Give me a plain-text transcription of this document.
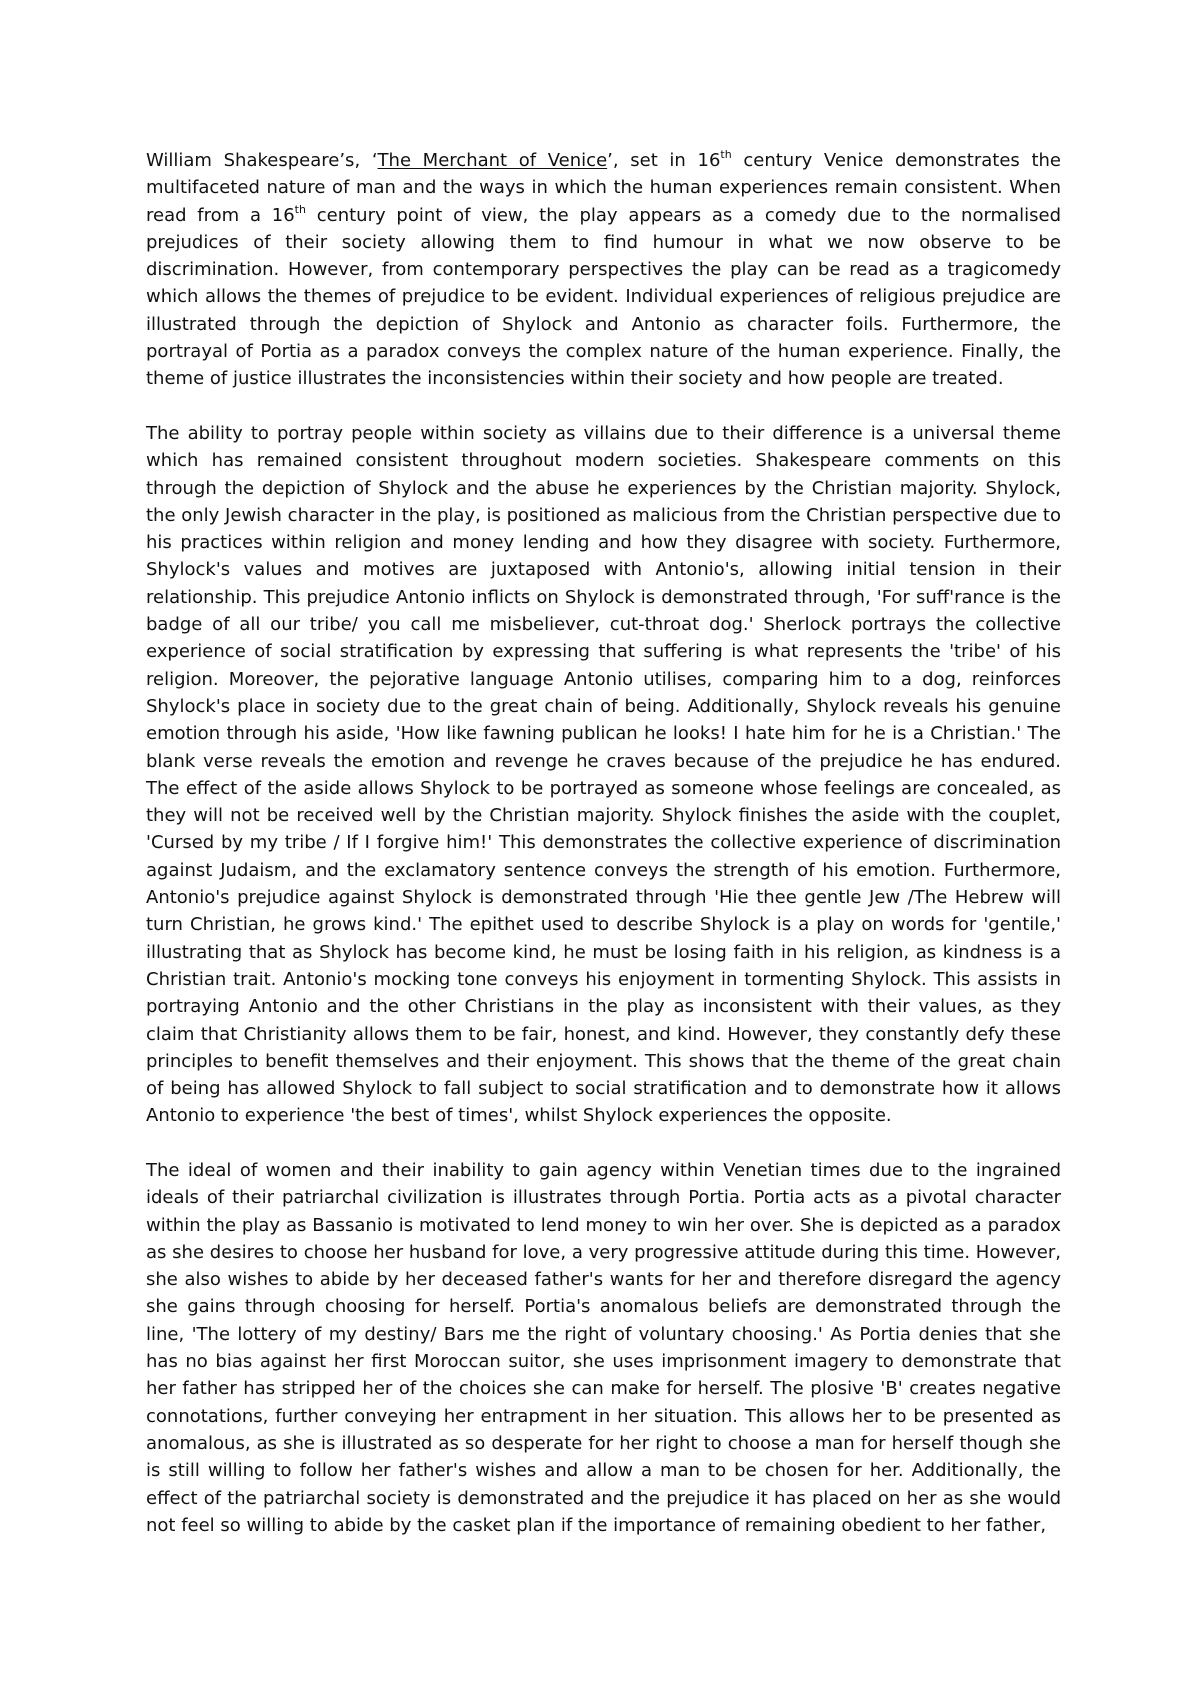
William Shakespeare’s, ‘The Merchant of Venice’, set in 16th century Venice demonstrates the multifaceted nature of man and the ways in which the human experiences remain consistent. When read from a 16th century point of view, the play appears as a comedy due to the normalised prejudices of their society allowing them to find humour in what we now observe to be discrimination. However, from contemporary perspectives the play can be read as a tragicomedy which allows the themes of prejudice to be evident. Individual experiences of religious prejudice are illustrated through the depiction of Shylock and Antonio as character foils. Furthermore, the portrayal of Portia as a paradox conveys the complex nature of the human experience. Finally, the theme of justice illustrates the inconsistencies within their society and how people are treated.

The ability to portray people within society as villains due to their difference is a universal theme which has remained consistent throughout modern societies. Shakespeare comments on this through the depiction of Shylock and the abuse he experiences by the Christian majority. Shylock, the only Jewish character in the play, is positioned as malicious from the Christian perspective due to his practices within religion and money lending and how they disagree with society. Furthermore, Shylock's values and motives are juxtaposed with Antonio's, allowing initial tension in their relationship. This prejudice Antonio inflicts on Shylock is demonstrated through, 'For suff'rance is the badge of all our tribe/ you call me misbeliever, cut-throat dog.' Sherlock portrays the collective experience of social stratification by expressing that suffering is what represents the 'tribe' of his religion. Moreover, the pejorative language Antonio utilises, comparing him to a dog, reinforces Shylock's place in society due to the great chain of being. Additionally, Shylock reveals his genuine emotion through his aside, 'How like fawning publican he looks! I hate him for he is a Christian.' The blank verse reveals the emotion and revenge he craves because of the prejudice he has endured. The effect of the aside allows Shylock to be portrayed as someone whose feelings are concealed, as they will not be received well by the Christian majority. Shylock finishes the aside with the couplet, 'Cursed by my tribe / If I forgive him!' This demonstrates the collective experience of discrimination against Judaism, and the exclamatory sentence conveys the strength of his emotion. Furthermore, Antonio's prejudice against Shylock is demonstrated through 'Hie thee gentle Jew /The Hebrew will turn Christian, he grows kind.' The epithet used to describe Shylock is a play on words for 'gentile,' illustrating that as Shylock has become kind, he must be losing faith in his religion, as kindness is a Christian trait. Antonio's mocking tone conveys his enjoyment in tormenting Shylock. This assists in portraying Antonio and the other Christians in the play as inconsistent with their values, as they claim that Christianity allows them to be fair, honest, and kind. However, they constantly defy these principles to benefit themselves and their enjoyment. This shows that the theme of the great chain of being has allowed Shylock to fall subject to social stratification and to demonstrate how it allows Antonio to experience 'the best of times', whilst Shylock experiences the opposite.

The ideal of women and their inability to gain agency within Venetian times due to the ingrained ideals of their patriarchal civilization is illustrates through Portia. Portia acts as a pivotal character within the play as Bassanio is motivated to lend money to win her over. She is depicted as a paradox as she desires to choose her husband for love, a very progressive attitude during this time. However, she also wishes to abide by her deceased father's wants for her and therefore disregard the agency she gains through choosing for herself. Portia's anomalous beliefs are demonstrated through the line, 'The lottery of my destiny/ Bars me the right of voluntary choosing.' As Portia denies that she has no bias against her first Moroccan suitor, she uses imprisonment imagery to demonstrate that her father has stripped her of the choices she can make for herself. The plosive 'B' creates negative connotations, further conveying her entrapment in her situation. This allows her to be presented as anomalous, as she is illustrated as so desperate for her right to choose a man for herself though she is still willing to follow her father's wishes and allow a man to be chosen for her. Additionally, the effect of the patriarchal society is demonstrated and the prejudice it has placed on her as she would not feel so willing to abide by the casket plan if the importance of remaining obedient to her father,
